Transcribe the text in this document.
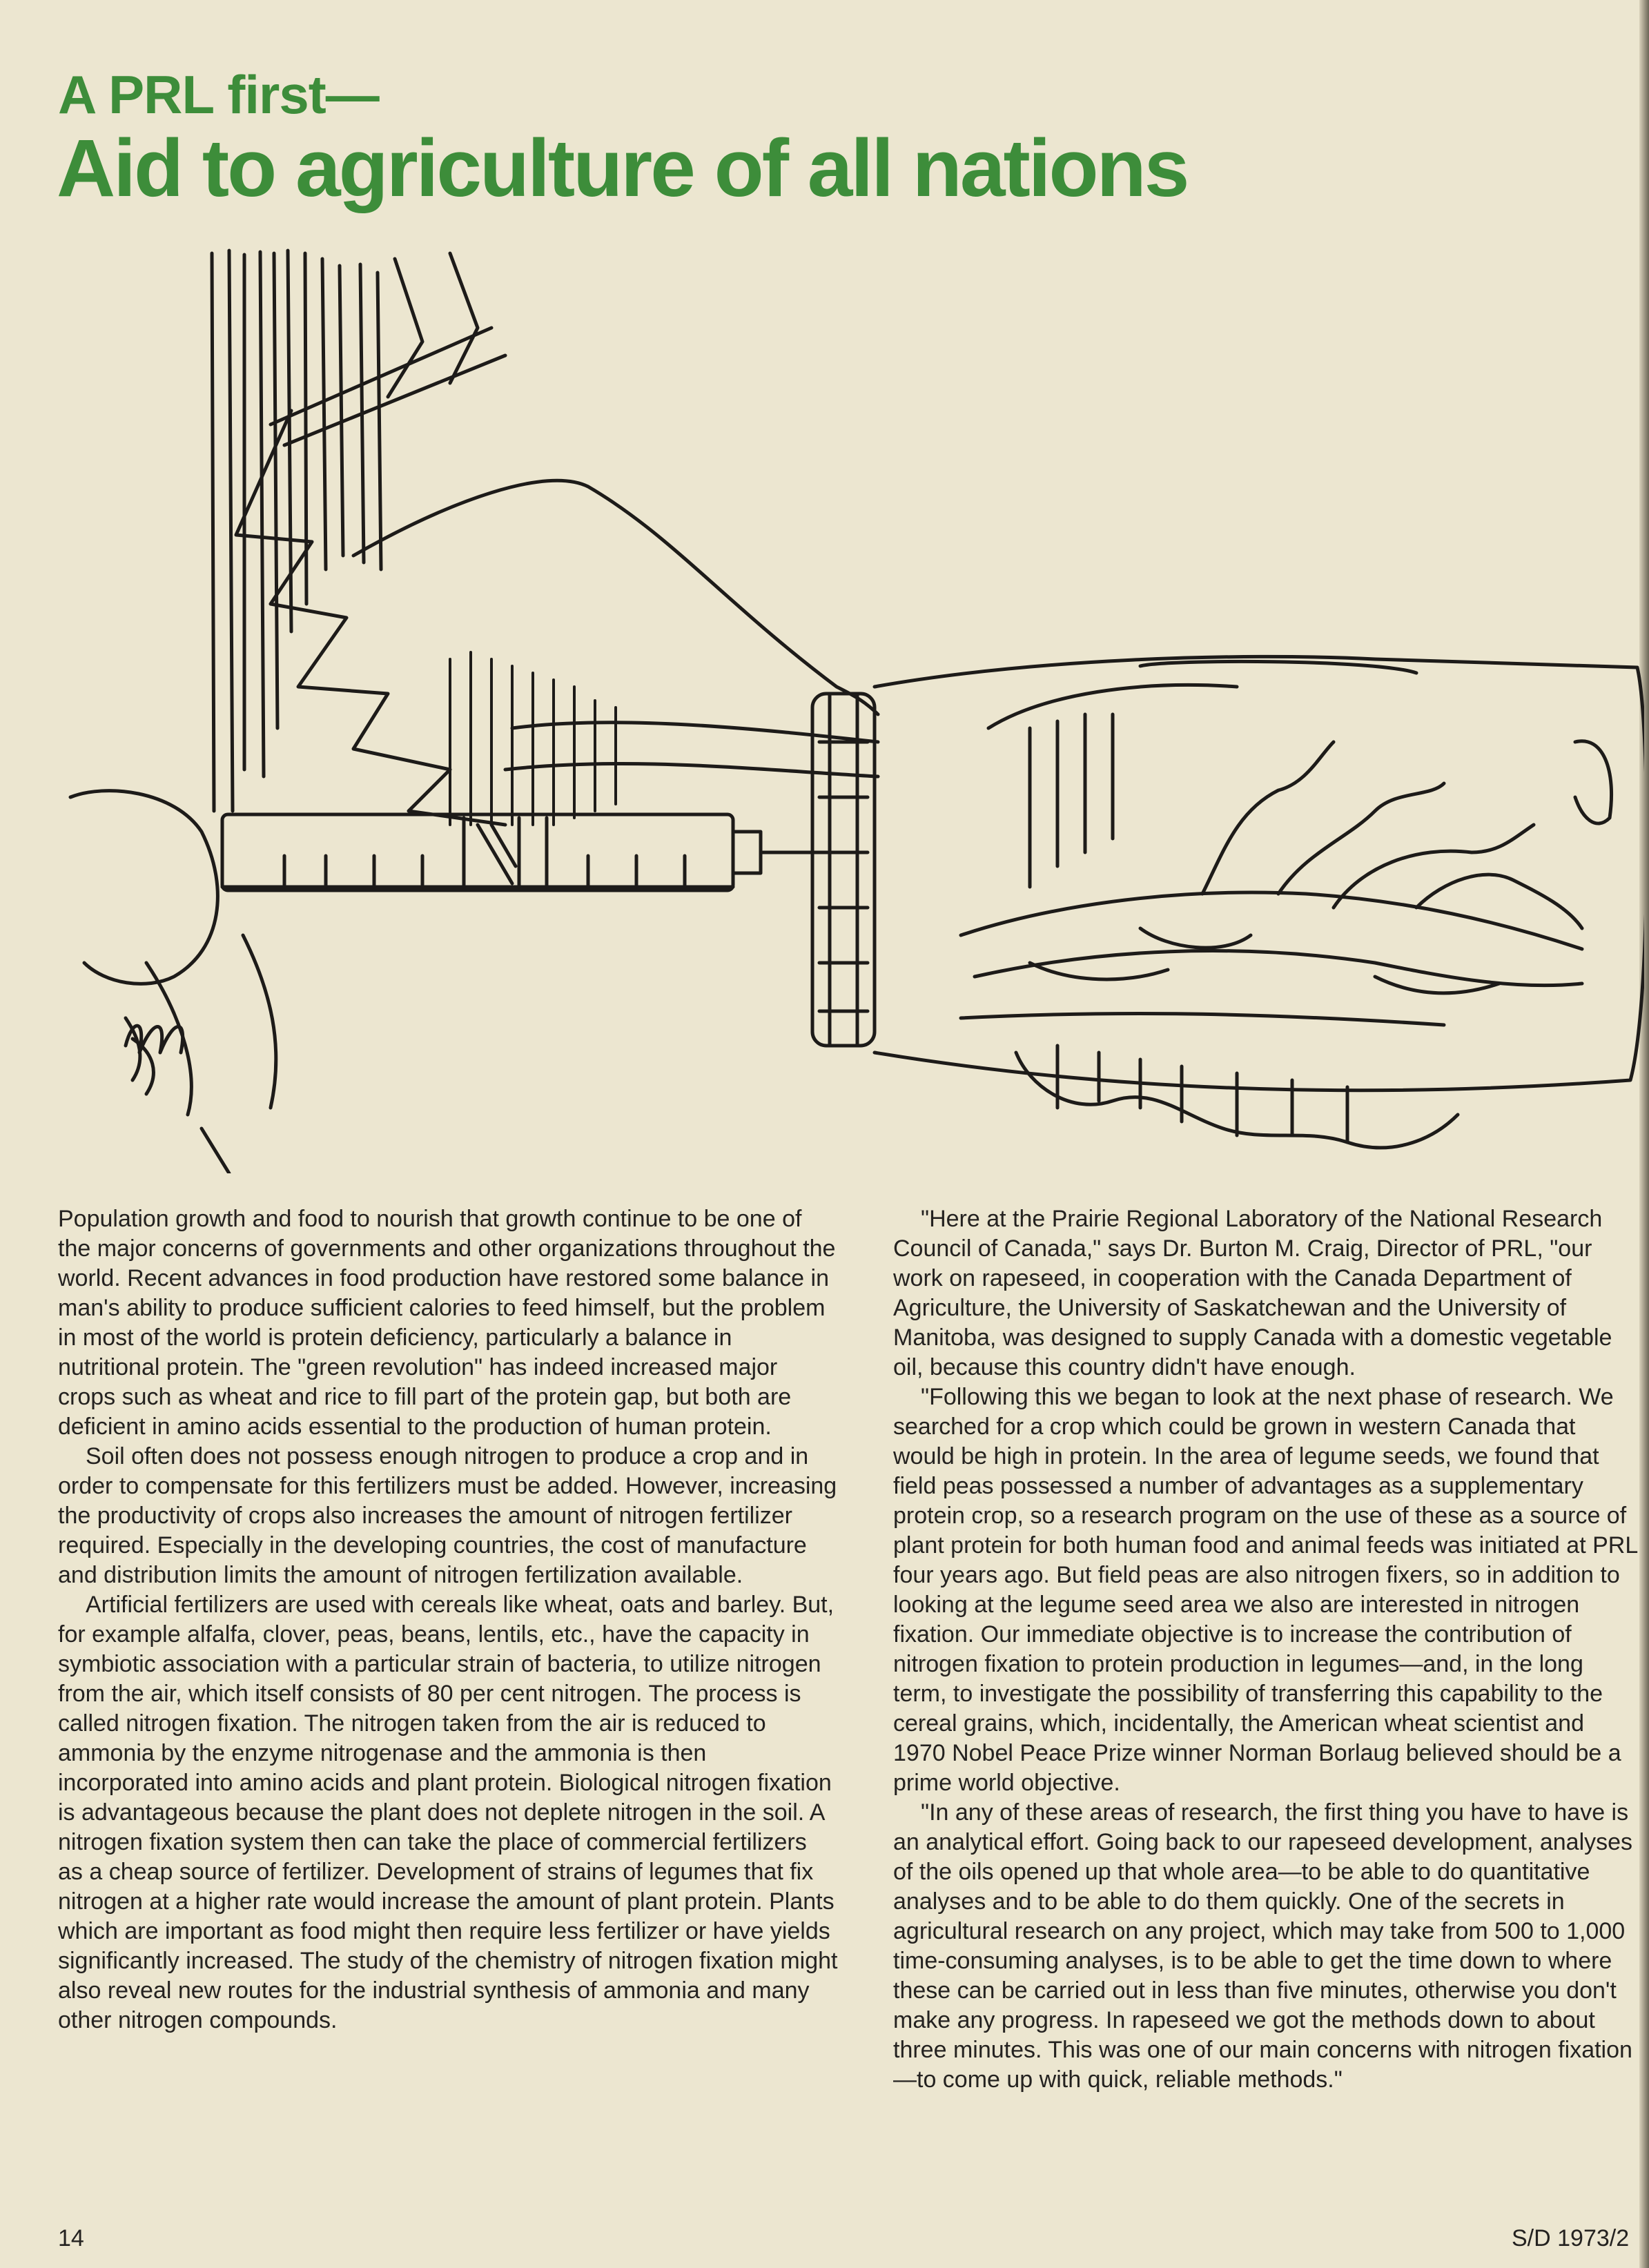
A PRL first—
Aid to agriculture of all nations

Population growth and food to nourish that growth continue to be one of the major concerns of governments and other organizations throughout the world. Recent advances in food production have restored some balance in man's ability to produce sufficient calories to feed himself, but the problem in most of the world is protein deficiency, particularly a balance in nutritional protein. The "green revolution" has indeed increased major crops such as wheat and rice to fill part of the protein gap, but both are deficient in amino acids essential to the production of human protein.

Soil often does not possess enough nitrogen to produce a crop and in order to compensate for this fertilizers must be added. However, increasing the productivity of crops also increases the amount of nitrogen fertilizer required. Especially in the developing countries, the cost of manufacture and distribution limits the amount of nitrogen fertilization available.

Artificial fertilizers are used with cereals like wheat, oats and barley. But, for example alfalfa, clover, peas, beans, lentils, etc., have the capacity in symbiotic association with a particular strain of bacteria, to utilize nitrogen from the air, which itself consists of 80 per cent nitrogen. The process is called nitrogen fixation. The nitrogen taken from the air is reduced to ammonia by the enzyme nitrogenase and the ammonia is then incorporated into amino acids and plant protein. Biological nitrogen fixation is advantageous because the plant does not deplete nitrogen in the soil. A nitrogen fixation system then can take the place of commercial fertilizers as a cheap source of fertilizer. Development of strains of legumes that fix nitrogen at a higher rate would increase the amount of plant protein. Plants which are important as food might then require less fertilizer or have yields significantly increased. The study of the chemistry of nitrogen fixation might also reveal new routes for the industrial synthesis of ammonia and many other nitrogen compounds.

"Here at the Prairie Regional Laboratory of the National Research Council of Canada," says Dr. Burton M. Craig, Director of PRL, "our work on rapeseed, in cooperation with the Canada Department of Agriculture, the University of Saskatchewan and the University of Manitoba, was designed to supply Canada with a domestic vegetable oil, because this country didn't have enough.

"Following this we began to look at the next phase of research. We searched for a crop which could be grown in western Canada that would be high in protein. In the area of legume seeds, we found that field peas possessed a number of advantages as a supplementary protein crop, so a research program on the use of these as a source of plant protein for both human food and animal feeds was initiated at PRL four years ago. But field peas are also nitrogen fixers, so in addition to looking at the legume seed area we also are interested in nitrogen fixation. Our immediate objective is to increase the contribution of nitrogen fixation to protein production in legumes—and, in the long term, to investigate the possibility of transferring this capability to the cereal grains, which, incidentally, the American wheat scientist and 1970 Nobel Peace Prize winner Norman Borlaug believed should be a prime world objective.

"In any of these areas of research, the first thing you have to have is an analytical effort. Going back to our rapeseed development, analyses of the oils opened up that whole area—to be able to do quantitative analyses and to be able to do them quickly. One of the secrets in agricultural research on any project, which may take from 500 to 1,000 time-consuming analyses, is to be able to get the time down to where these can be carried out in less than five minutes, otherwise you don't make any progress. In rapeseed we got the methods down to about three minutes. This was one of our main concerns with nitrogen fixation—to come up with quick, reliable methods."

14	S/D 1973/2
